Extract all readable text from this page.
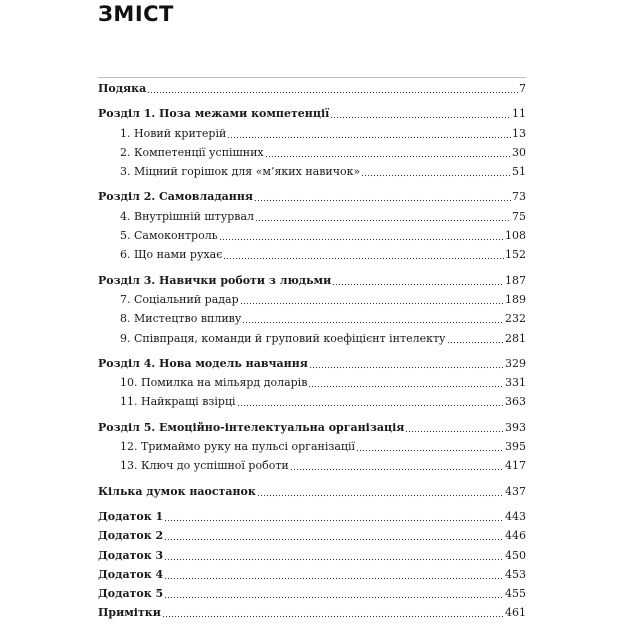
ЗМІСТ
Подяка	7
Розділ 1. Поза межами компетенції	11
1. Новий критерій	13
2. Компетенції успішних	30
3. Міцний горішок для «м’яких навичок»	51
Розділ 2. Самовладання	73
4. Внутрішній штурвал	75
5. Самоконтроль	108
6. Що нами рухає	152
Розділ 3. Навички роботи з людьми	187
7. Соціальний радар	189
8. Мистецтво впливу	232
9. Співпраця, команди й груповий коефіцієнт інтелекту	281
Розділ 4. Нова модель навчання	329
10. Помилка на мільярд доларів	331
11. Найкращі взірці	363
Розділ 5. Емоційно-інтелектуальна організація	393
12. Тримаймо руку на пульсі організації	395
13. Ключ до успішної роботи	417
Кілька думок наостанок	437
Додаток 1	443
Додаток 2	446
Додаток 3	450
Додаток 4	453
Додаток 5	455
Примітки	461
